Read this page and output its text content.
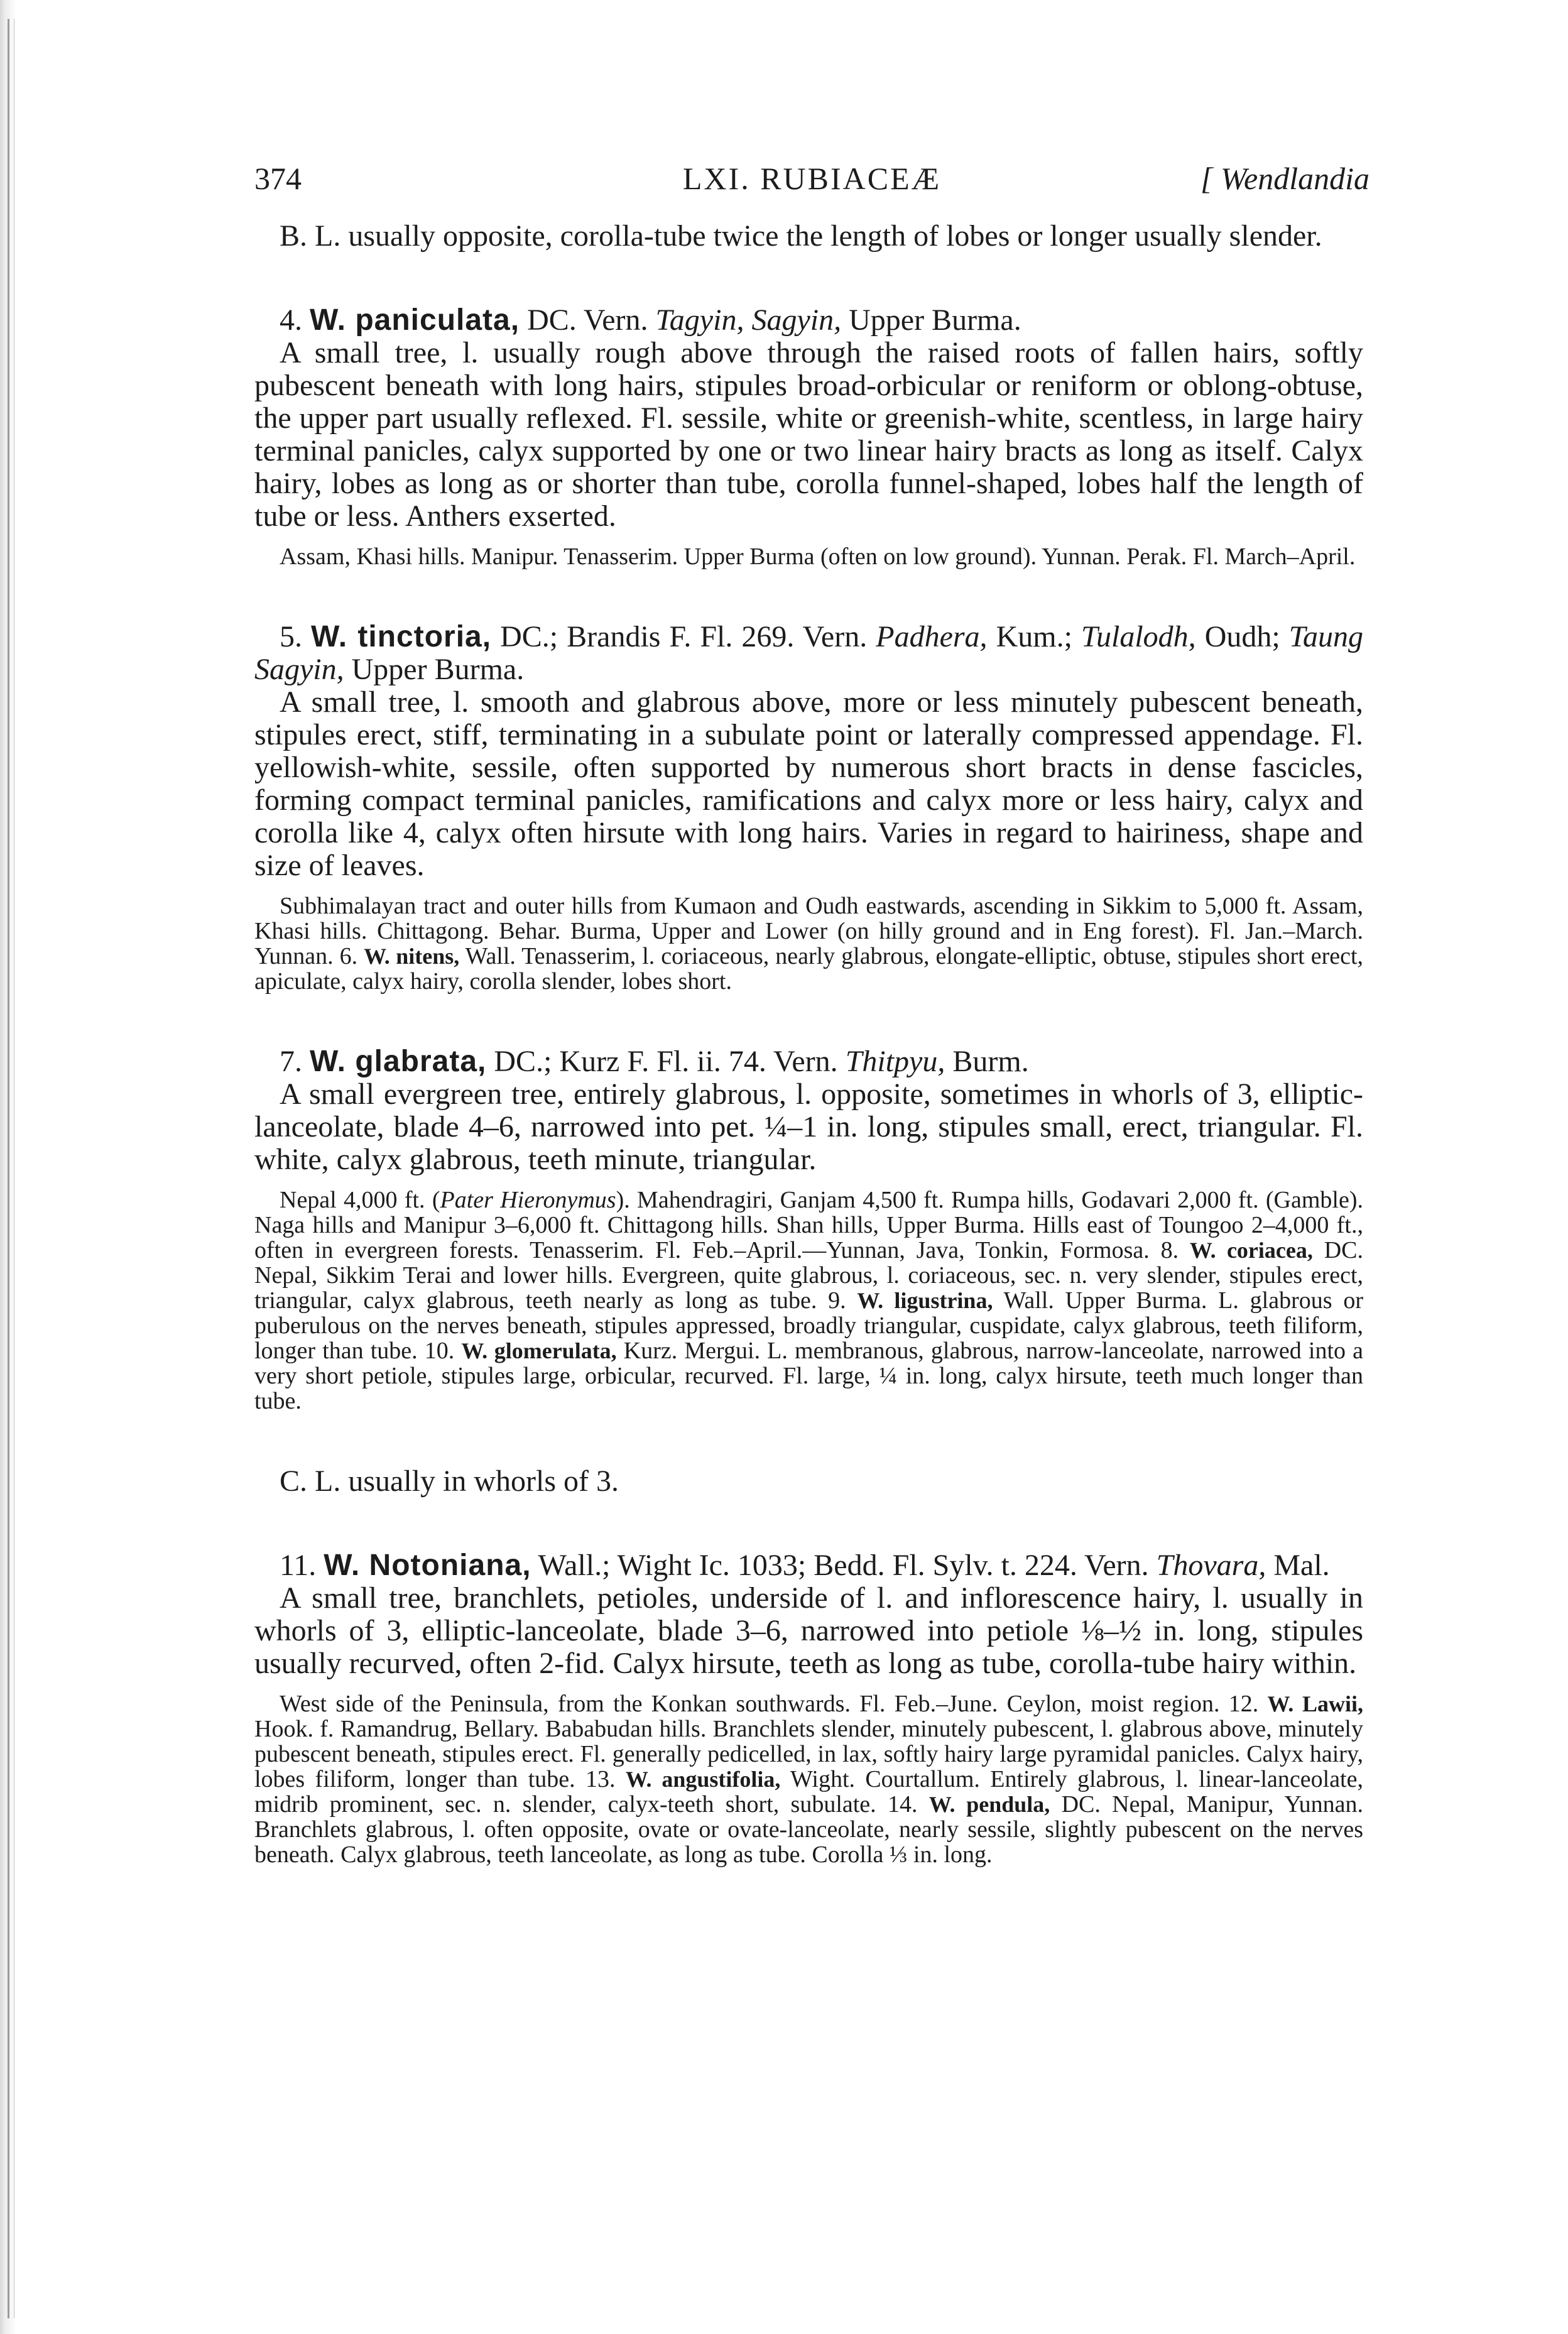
374	LXI. RUBIACEÆ	[ Wendlandia

B. L. usually opposite, corolla-tube twice the length of lobes or longer usually slender.

4. W. paniculata, DC. Vern. Tagyin, Sagyin, Upper Burma.

A small tree, l. usually rough above through the raised roots of fallen hairs, softly pubescent beneath with long hairs, stipules broad-orbicular or reniform or oblong-obtuse, the upper part usually reflexed. Fl. sessile, white or greenish-white, scentless, in large hairy terminal panicles, calyx supported by one or two linear hairy bracts as long as itself. Calyx hairy, lobes as long as or shorter than tube, corolla funnel-shaped, lobes half the length of tube or less. Anthers exserted.

Assam, Khasi hills. Manipur. Tenasserim. Upper Burma (often on low ground). Yunnan. Perak. Fl. March–April.

5. W. tinctoria, DC.; Brandis F. Fl. 269. Vern. Padhera, Kum.; Tulalodh, Oudh; Taung Sagyin, Upper Burma.

A small tree, l. smooth and glabrous above, more or less minutely pubescent beneath, stipules erect, stiff, terminating in a subulate point or laterally compressed appendage. Fl. yellowish-white, sessile, often supported by numerous short bracts in dense fascicles, forming compact terminal panicles, ramifications and calyx more or less hairy, calyx and corolla like 4, calyx often hirsute with long hairs. Varies in regard to hairiness, shape and size of leaves.

Subhimalayan tract and outer hills from Kumaon and Oudh eastwards, ascending in Sikkim to 5,000 ft. Assam, Khasi hills. Chittagong. Behar. Burma, Upper and Lower (on hilly ground and in Eng forest). Fl. Jan.–March. Yunnan. 6. W. nitens, Wall. Tenasserim, l. coriaceous, nearly glabrous, elongate-elliptic, obtuse, stipules short erect, apiculate, calyx hairy, corolla slender, lobes short.

7. W. glabrata, DC.; Kurz F. Fl. ii. 74. Vern. Thitpyu, Burm.

A small evergreen tree, entirely glabrous, l. opposite, sometimes in whorls of 3, elliptic-lanceolate, blade 4–6, narrowed into pet. ¼–1 in. long, stipules small, erect, triangular. Fl. white, calyx glabrous, teeth minute, triangular.

Nepal 4,000 ft. (Pater Hieronymus). Mahendragiri, Ganjam 4,500 ft. Rumpa hills, Godavari 2,000 ft. (Gamble). Naga hills and Manipur 3–6,000 ft. Chittagong hills. Shan hills, Upper Burma. Hills east of Toungoo 2–4,000 ft., often in evergreen forests. Tenasserim. Fl. Feb.–April.—Yunnan, Java, Tonkin, Formosa. 8. W. coriacea, DC. Nepal, Sikkim Terai and lower hills. Evergreen, quite glabrous, l. coriaceous, sec. n. very slender, stipules erect, triangular, calyx glabrous, teeth nearly as long as tube. 9. W. ligustrina, Wall. Upper Burma. L. glabrous or puberulous on the nerves beneath, stipules appressed, broadly triangular, cuspidate, calyx glabrous, teeth filiform, longer than tube. 10. W. glomerulata, Kurz. Mergui. L. membranous, glabrous, narrow-lanceolate, narrowed into a very short petiole, stipules large, orbicular, recurved. Fl. large, ¼ in. long, calyx hirsute, teeth much longer than tube.

C. L. usually in whorls of 3.

11. W. Notoniana, Wall.; Wight Ic. 1033; Bedd. Fl. Sylv. t. 224. Vern. Thovara, Mal.

A small tree, branchlets, petioles, underside of l. and inflorescence hairy, l. usually in whorls of 3, elliptic-lanceolate, blade 3–6, narrowed into petiole ⅛–½ in. long, stipules usually recurved, often 2-fid. Calyx hirsute, teeth as long as tube, corolla-tube hairy within.

West side of the Peninsula, from the Konkan southwards. Fl. Feb.–June. Ceylon, moist region. 12. W. Lawii, Hook. f. Ramandrug, Bellary. Bababudan hills. Branchlets slender, minutely pubescent, l. glabrous above, minutely pubescent beneath, stipules erect. Fl. generally pedicelled, in lax, softly hairy large pyramidal panicles. Calyx hairy, lobes filiform, longer than tube. 13. W. angustifolia, Wight. Courtallum. Entirely glabrous, l. linear-lanceolate, midrib prominent, sec. n. slender, calyx-teeth short, subulate. 14. W. pendula, DC. Nepal, Manipur, Yunnan. Branchlets glabrous, l. often opposite, ovate or ovate-lanceolate, nearly sessile, slightly pubescent on the nerves beneath. Calyx glabrous, teeth lanceolate, as long as tube. Corolla ⅓ in. long.
